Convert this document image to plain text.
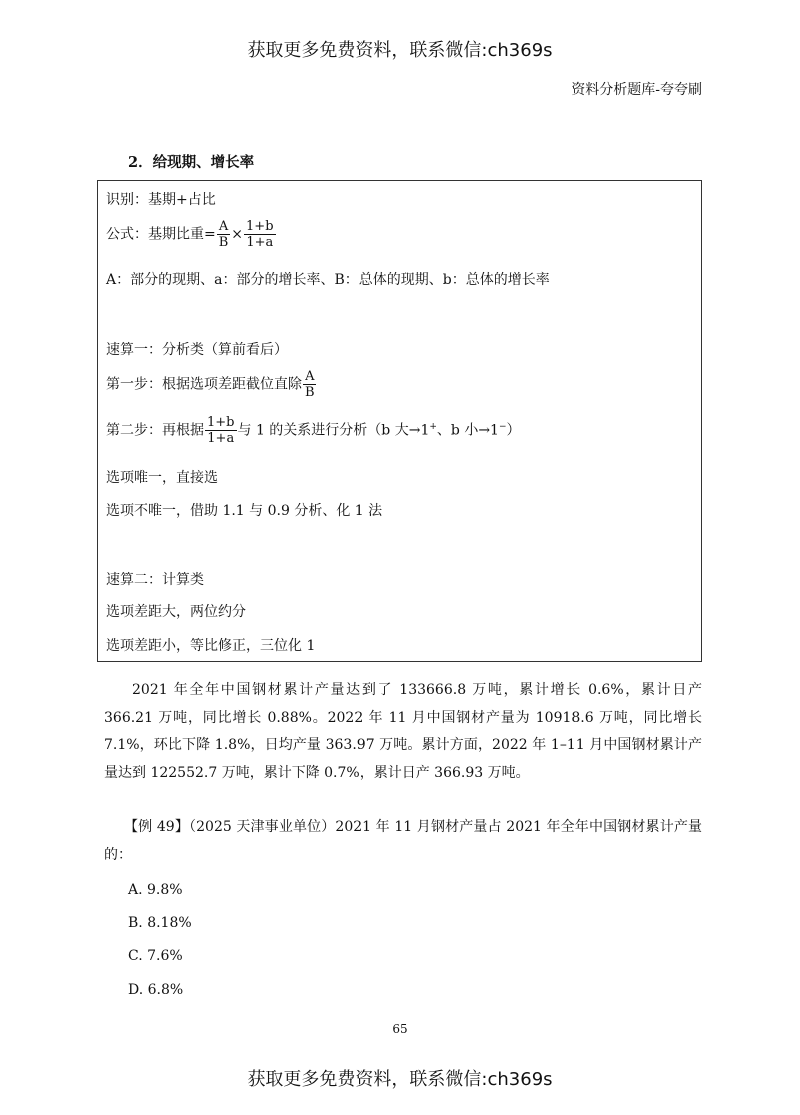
获取更多免费资料，联系微信:ch369s
资料分析题库-夸夸刷
2．给现期、增长率
识别：基期+占比
公式：基期比重= $\frac{A}{B} \times \frac{1+b}{1+a}$
A：部分的现期、a：部分的增长率、B：总体的现期、b：总体的增长率
速算一：分析类（算前看后）
第一步：根据选项差距截位直除 $\frac{A}{B}$
第二步：再根据 $\frac{1+b}{1+a}$ 与 1 的关系进行分析（b 大→1+、b 小→1−）
选项唯一，直接选
选项不唯一，借助 1.1 与 0.9 分析、化 1 法
速算二：计算类
选项差距大，两位约分
选项差距小，等比修正，三位化 1
2021 年全年中国钢材累计产量达到了 133666.8 万吨，累计增长 0.6%，累计日产 366.21 万吨，同比增长 0.88%。2022 年 11 月中国钢材产量为 10918.6 万吨，同比增长 7.1%，环比下降 1.8%，日均产量 363.97 万吨。累计方面，2022 年 1–11 月中国钢材累计产量达到 122552.7 万吨，累计下降 0.7%，累计日产 366.93 万吨。
【例 49】（2025 天津事业单位）2021 年 11 月钢材产量占 2021 年全年中国钢材累计产量的：
A. 9.8%
B. 8.18%
C. 7.6%
D. 6.8%
65
获取更多免费资料，联系微信:ch369s
